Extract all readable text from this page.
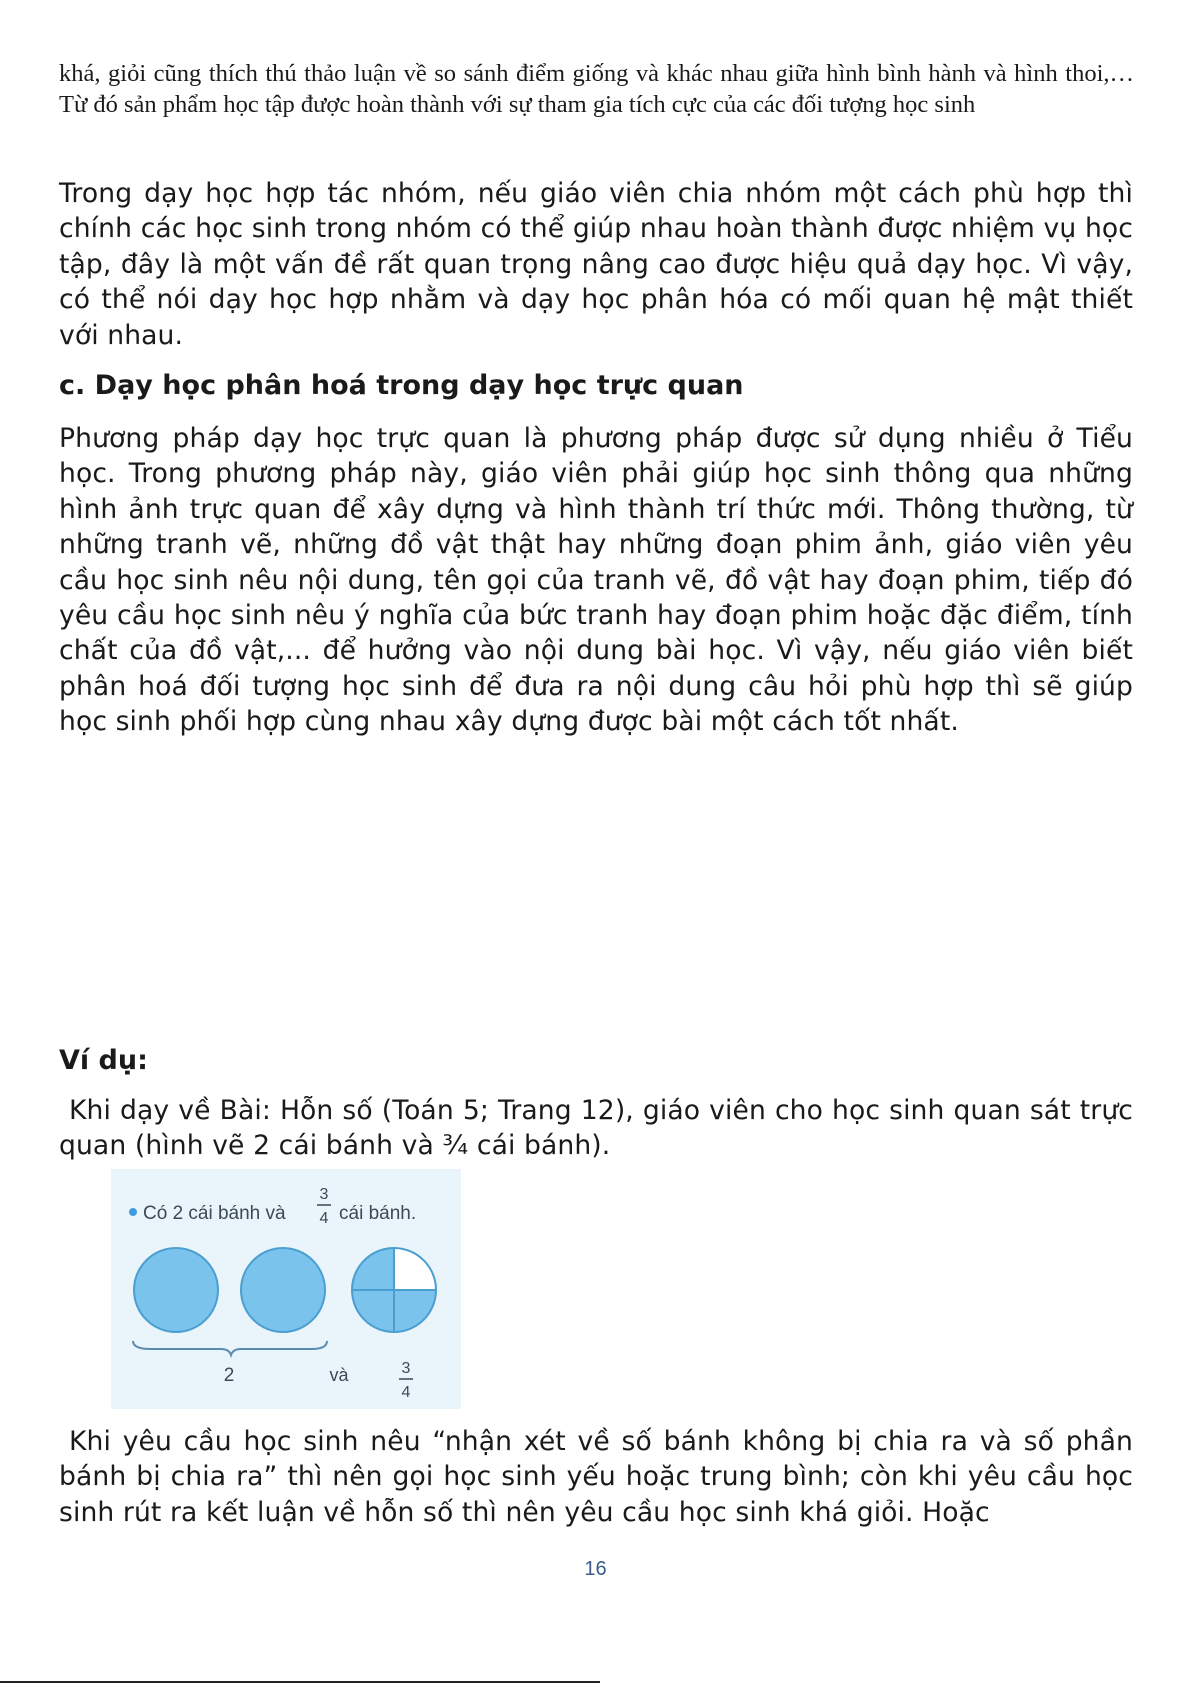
khá, giỏi cũng thích thú thảo luận về so sánh điểm giống và khác nhau giữa hình bình hành và hình thoi,… Từ đó sản phẩm học tập được hoàn thành với sự tham gia tích cực của các đối tượng học sinh
Trong dạy học hợp tác nhóm, nếu giáo viên chia nhóm một cách phù hợp thì chính các học sinh trong nhóm có thể giúp nhau hoàn thành được nhiệm vụ học tập, đây là một vấn đề rất quan trọng nâng cao được hiệu quả dạy học. Vì vậy, có thể nói dạy học hợp nhằm và dạy học phân hóa có mối quan hệ mật thiết với nhau.
c. Dạy học phân hoá trong dạy học trực quan
Phương pháp dạy học trực quan là phương pháp được sử dụng nhiều ở Tiểu học. Trong phương pháp này, giáo viên phải giúp học sinh thông qua những hình ảnh trực quan để xây dựng và hình thành trí thức mới. Thông thường, từ những tranh vẽ, những đồ vật thật hay những đoạn phim ảnh, giáo viên yêu cầu học sinh nêu nội dung, tên gọi của tranh vẽ, đồ vật hay đoạn phim, tiếp đó yêu cầu học sinh nêu ý nghĩa của bức tranh hay đoạn phim hoặc đặc điểm, tính chất của đồ vật,... để hưởng vào nội dung bài học. Vì vậy, nếu giáo viên biết phân hoá đối tượng học sinh để đưa ra nội dung câu hỏi phù hợp thì sẽ giúp học sinh phối hợp cùng nhau xây dựng được bài một cách tốt nhất.
Ví dụ:
Khi dạy về Bài: Hỗn số (Toán 5; Trang 12), giáo viên cho học sinh quan sát trực quan (hình vẽ 2 cái bánh và ¾ cái bánh).
Có 2 cái bánh và
3
4 cái bánh.
2	và	3
4
Khi yêu cầu học sinh nêu “nhận xét về số bánh không bị chia ra và số phần bánh bị chia ra” thì nên gọi học sinh yếu hoặc trung bình; còn khi yêu cầu học sinh rút ra kết luận về hỗn số thì nên yêu cầu học sinh khá giỏi. Hoặc
16
